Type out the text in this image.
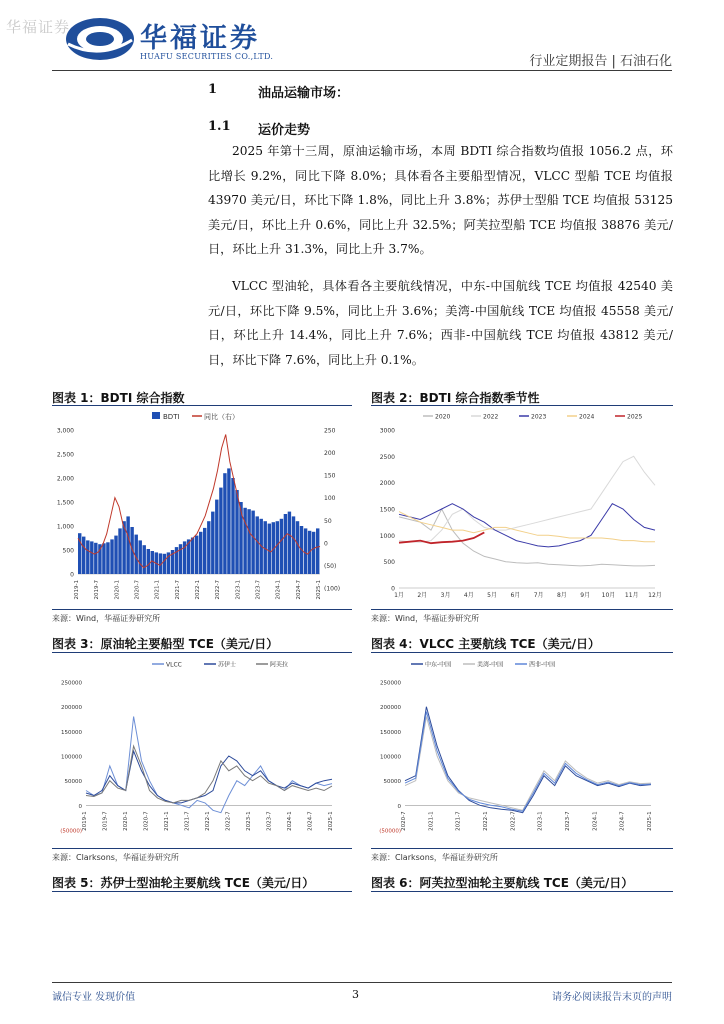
华福证券	华福证券
HUAFU SECURITIES CO.,LTD.	行业定期报告 | 石油石化
1	油品运输市场：
1.1 运价走势
2025 年第十三周，原油运输市场，本周 BDTI 综合指数均值报 1056.2 点，环比增长 9.2%，同比下降 8.0%；具体看各主要船型情况，VLCC 型船 TCE 均值报 43970 美元/日，环比下降 1.8%，同比上升 3.8%；苏伊士型船 TCE 均值报 53125 美元/日，环比上升 0.6%，同比上升 32.5%；阿芙拉型船 TCE 均值报 38876 美元/日，环比上升 31.3%，同比上升 3.7%。
VLCC 型油轮，具体看各主要航线情况，中东-中国航线 TCE 均值报 42540 美元/日，环比下降 9.5%，同比上升 3.6%；美湾-中国航线 TCE 均值报 45558 美元/日，环比上升 14.4%，同比上升 7.6%；西非-中国航线 TCE 均值报 43812 美元/日，环比下降 7.6%，同比上升 0.1%。
图表 1：BDTI 综合指数	图表 2：BDTI 综合指数季节性
BDTI	同比（右）
3,000
2,500
2,000
1,500
1,000
500
0
250
200
150
100
50
0
(50)
(100)
2019-1	2019-7	2020-1	2020-7	2021-1	2021-7	2022-1	2022-7	2023-1	2023-7	2024-1	2024-7	2025-1
2020	2022	2023	2024	2025
3000
2500
2000
1500
1000
500
0
1月 2月 3月 4月 5月 6月 7月 8月 9月 10月 11月 12月
来源：Wind，华福证券研究所	来源：Wind，华福证券研究所
图表 3：原油轮主要船型 TCE（美元/日）	图表 4：VLCC 主要航线 TCE（美元/日）
VLCC	苏伊士	阿芙拉
250000
200000
150000
100000
50000
0
(50000)
2019-1	2019-7	2020-1	2020-7	2021-1	2021-7	2022-1	2022-7	2023-1	2023-7	2024-1	2024-7	2025-1
中东-中国	美湾-中国	西非-中国
250000
200000
150000
100000
50000
0
(50000)
2020-7	2021-1	2021-7	2022-1	2022-7	2023-1	2023-7	2024-1	2024-7	2025-1
来源：Clarksons，华福证券研究所	来源：Clarksons，华福证券研究所
图表 5：苏伊士型油轮主要航线 TCE（美元/日）	图表 6：阿芙拉型油轮主要航线 TCE（美元/日）
诚信专业 发现价值	3	请务必阅读报告末页的声明
